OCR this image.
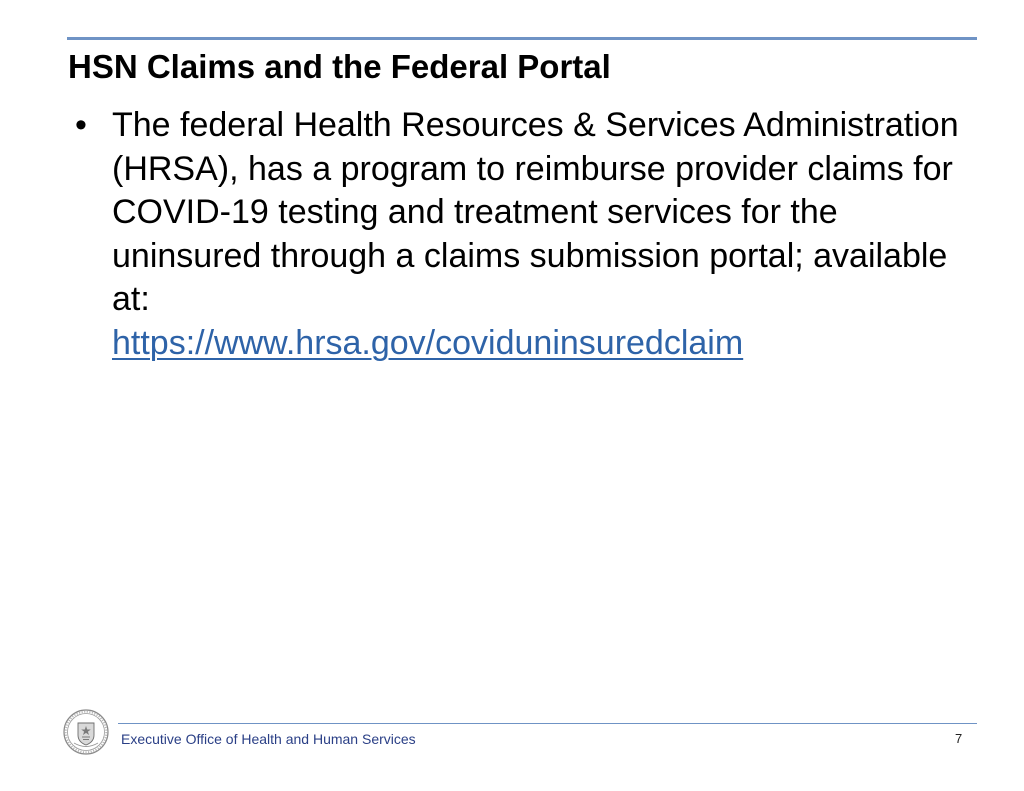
HSN Claims and the Federal Portal
• The federal Health Resources & Services Administration (HRSA), has a program to reimburse provider claims for COVID-19 testing and treatment services for the uninsured through a claims submission portal; available at:
https://www.hrsa.gov/coviduninsuredclaim
Executive Office of Health and Human Services	7
